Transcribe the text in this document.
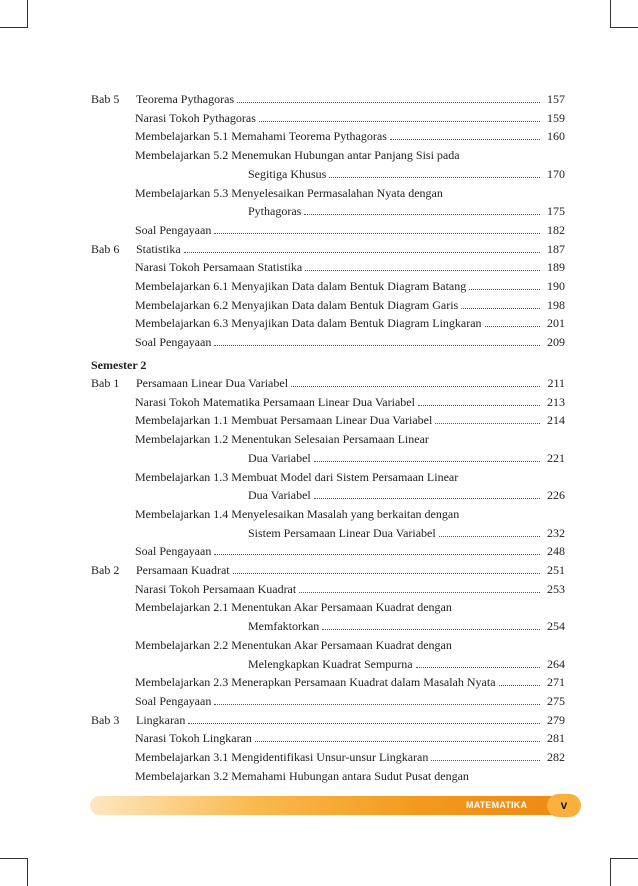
Bab 5 Teorema Pythagoras	157
Narasi Tokoh Pythagoras	159
Membelajarkan 5.1 Memahami Teorema Pythagoras	160
Membelajarkan 5.2 Menemukan Hubungan antar Panjang Sisi pada
Segitiga Khusus	170
Membelajarkan 5.3 Menyelesaikan Permasalahan Nyata dengan
Pythagoras	175
Soal Pengayaan	182
Bab 6 Statistika	187
Narasi Tokoh Persamaan Statistika	189
Membelajarkan 6.1 Menyajikan Data dalam Bentuk Diagram Batang	190
Membelajarkan 6.2 Menyajikan Data dalam Bentuk Diagram Garis	198
Membelajarkan 6.3 Menyajikan Data dalam Bentuk Diagram Lingkaran	201
Soal Pengayaan	209
Semester 2
Bab 1 Persamaan Linear Dua Variabel	211
Narasi Tokoh Matematika Persamaan Linear Dua Variabel	213
Membelajarkan 1.1 Membuat Persamaan Linear Dua Variabel	214
Membelajarkan 1.2 Menentukan Selesaian Persamaan Linear
Dua Variabel	221
Membelajarkan 1.3 Membuat Model dari Sistem Persamaan Linear
Dua Variabel	226
Membelajarkan 1.4 Menyelesaikan Masalah yang berkaitan dengan
Sistem Persamaan Linear Dua Variabel	232
Soal Pengayaan	248
Bab 2 Persamaan Kuadrat	251
Narasi Tokoh Persamaan Kuadrat	253
Membelajarkan 2.1 Menentukan Akar Persamaan Kuadrat dengan
Memfaktorkan	254
Membelajarkan 2.2 Menentukan Akar Persamaan Kuadrat dengan
Melengkapkan Kuadrat Sempurna	264
Membelajarkan 2.3 Menerapkan Persamaan Kuadrat dalam Masalah Nyata	271
Soal Pengayaan	275
Bab 3 Lingkaran	279
Narasi Tokoh Lingkaran	281
Membelajarkan 3.1 Mengidentifikasi Unsur-unsur Lingkaran	282
Membelajarkan 3.2 Memahami Hubungan antara Sudut Pusat dengan
MATEMATIKA	v
